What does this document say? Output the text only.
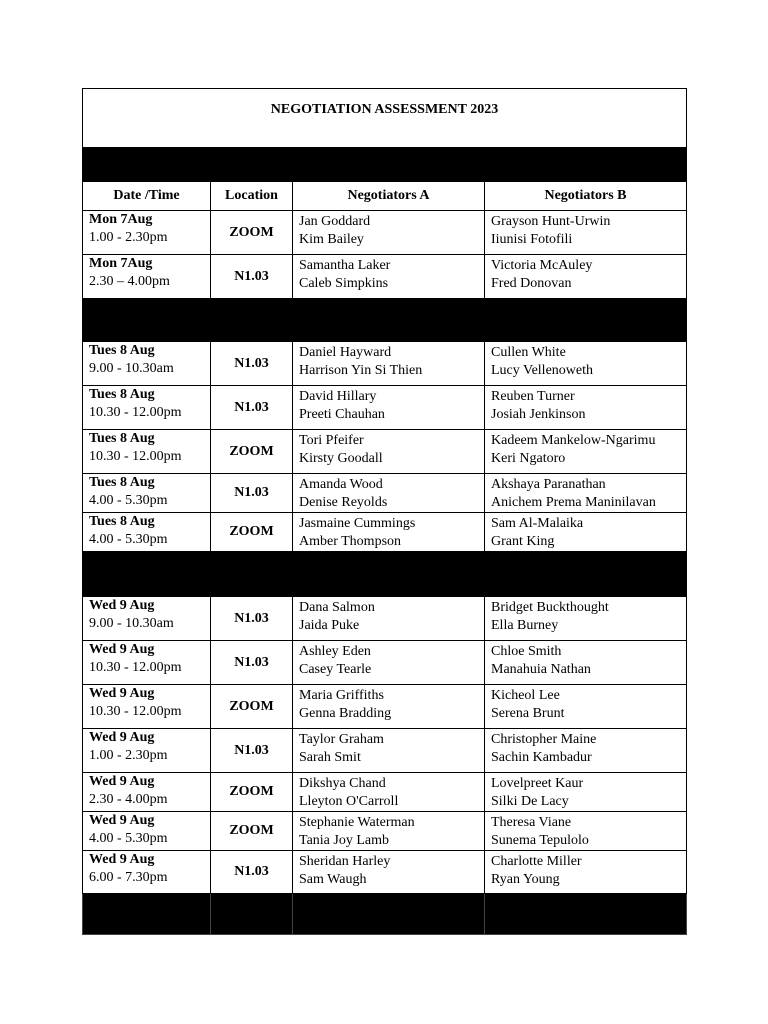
NEGOTIATION ASSESSMENT 2023			

Date /Time	Location	Negotiators A	Negotiators B

Mon 7Aug
1.00 - 2.30pm	ZOOM	Jan Goddard
Kim Bailey	Grayson Hunt-Urwin
Iiunisi Fotofili

Mon 7Aug
2.30 – 4.00pm	N1.03	Samantha Laker
Caleb Simpkins	Victoria McAuley
Fred Donovan

Tues 8 Aug
9.00 - 10.30am	N1.03	Daniel Hayward
Harrison Yin Si Thien	Cullen White
Lucy Vellenoweth

Tues 8 Aug
10.30 - 12.00pm	N1.03	David Hillary
Preeti Chauhan	Reuben Turner
Josiah Jenkinson

Tues 8 Aug
10.30 - 12.00pm	ZOOM	Tori Pfeifer
Kirsty Goodall	Kadeem Mankelow-Ngarimu
Keri Ngatoro

Tues 8 Aug
4.00 - 5.30pm	N1.03	Amanda Wood
Denise Reyolds	Akshaya Paranathan
Anichem Prema Maninilavan

Tues 8 Aug
4.00 - 5.30pm	ZOOM	Jasmaine Cummings
Amber Thompson	Sam Al-Malaika
Grant King

Wed 9 Aug
9.00 - 10.30am	N1.03	Dana Salmon
Jaida Puke	Bridget Buckthought
Ella Burney

Wed 9 Aug
10.30 - 12.00pm	N1.03	Ashley Eden
Casey Tearle	Chloe Smith
Manahuia Nathan

Wed 9 Aug
10.30 - 12.00pm	ZOOM	Maria Griffiths
Genna Bradding	Kicheol Lee
Serena Brunt

Wed 9 Aug
1.00 - 2.30pm	N1.03	Taylor Graham
Sarah Smit	Christopher Maine
Sachin Kambadur

Wed 9 Aug
2.30 - 4.00pm	ZOOM	Dikshya Chand
Lleyton O'Carroll	Lovelpreet Kaur
Silki De Lacy

Wed 9 Aug
4.00 - 5.30pm	ZOOM	Stephanie Waterman
Tania Joy Lamb	Theresa Viane
Sunema Tepulolo

Wed 9 Aug
6.00 - 7.30pm	N1.03	Sheridan Harley
Sam Waugh	Charlotte Miller
Ryan Young
